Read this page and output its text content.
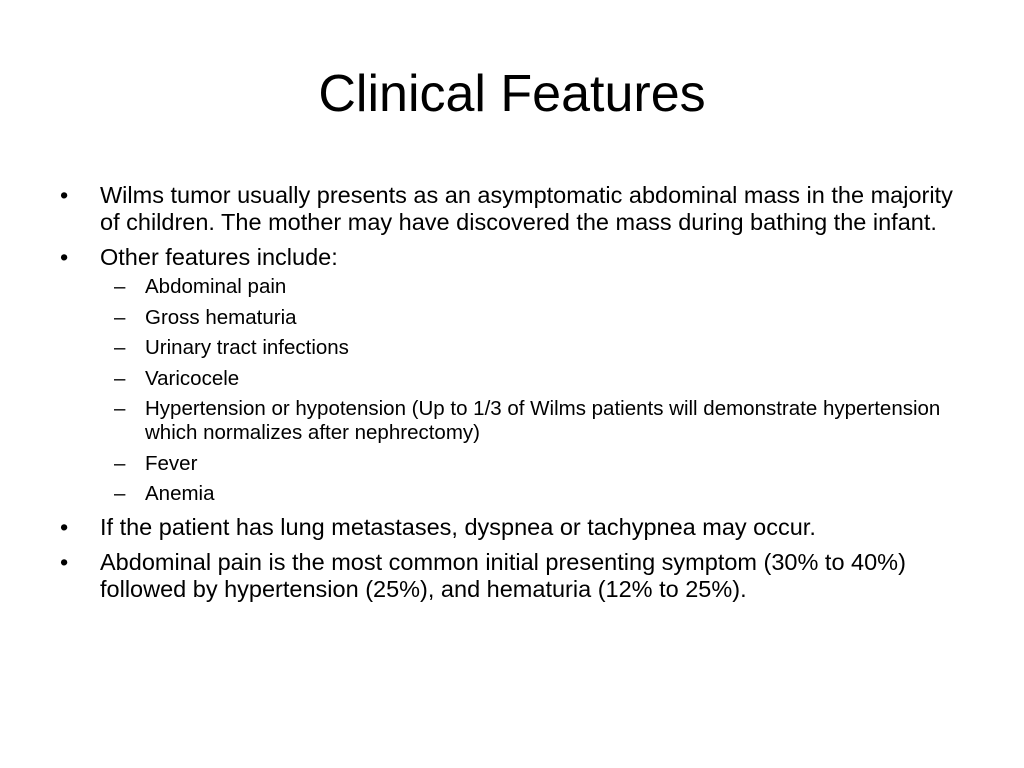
Clinical Features
•	Wilms tumor usually presents as an asymptomatic abdominal mass in the majority of children. The mother may have discovered the mass during bathing the infant.
•	Other features include:
– Abdominal pain
– Gross hematuria
– Urinary tract infections
– Varicocele
– Hypertension or hypotension (Up to 1/3 of Wilms patients will demonstrate hypertension which normalizes after nephrectomy)
– Fever
– Anemia
•	If the patient has lung metastases, dyspnea or tachypnea may occur.
•	Abdominal pain is the most common initial presenting symptom (30% to 40%) followed by hypertension (25%), and hematuria (12% to 25%).
